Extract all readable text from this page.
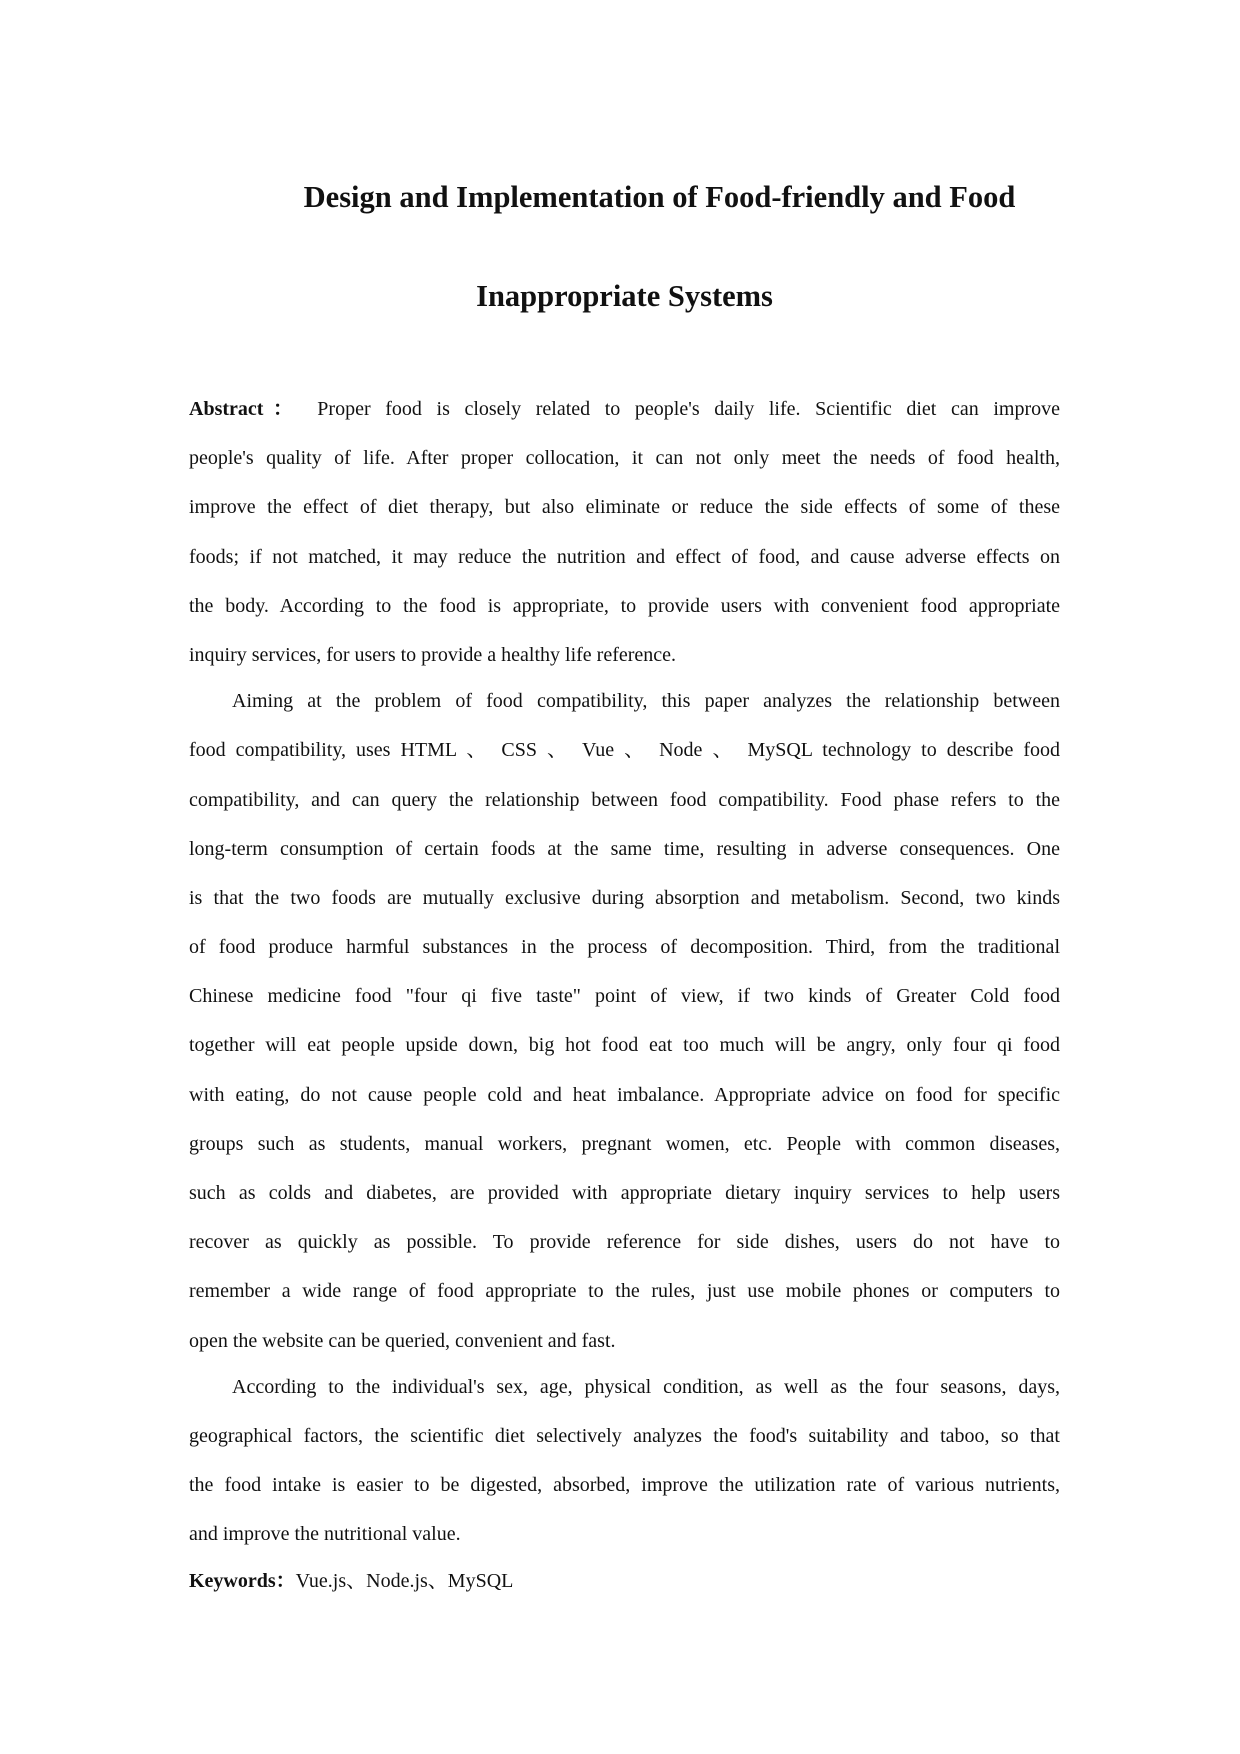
Design and Implementation of Food-friendly and Food
Inappropriate Systems
Abstract： Proper food is closely related to people's daily life. Scientific diet can improve
people's quality of life. After proper collocation, it can not only meet the needs of food health,
improve the effect of diet therapy, but also eliminate or reduce the side effects of some of these
foods; if not matched, it may reduce the nutrition and effect of food, and cause adverse effects on
the body. According to the food is appropriate, to provide users with convenient food appropriate
inquiry services, for users to provide a healthy life reference.
Aiming at the problem of food compatibility, this paper analyzes the relationship between
food compatibility, uses HTML 、 CSS 、 Vue 、 Node 、 MySQL technology to describe food
compatibility, and can query the relationship between food compatibility. Food phase refers to the
long-term consumption of certain foods at the same time, resulting in adverse consequences. One
is that the two foods are mutually exclusive during absorption and metabolism. Second, two kinds
of food produce harmful substances in the process of decomposition. Third, from the traditional
Chinese medicine food "four qi five taste" point of view, if two kinds of Greater Cold food
together will eat people upside down, big hot food eat too much will be angry, only four qi food
with eating, do not cause people cold and heat imbalance. Appropriate advice on food for specific
groups such as students, manual workers, pregnant women, etc. People with common diseases,
such as colds and diabetes, are provided with appropriate dietary inquiry services to help users
recover as quickly as possible. To provide reference for side dishes, users do not have to
remember a wide range of food appropriate to the rules, just use mobile phones or computers to
open the website can be queried, convenient and fast.
According to the individual's sex, age, physical condition, as well as the four seasons, days,
geographical factors, the scientific diet selectively analyzes the food's suitability and taboo, so that
the food intake is easier to be digested, absorbed, improve the utilization rate of various nutrients,
and improve the nutritional value.
Keywords：Vue.js、Node.js、MySQL
